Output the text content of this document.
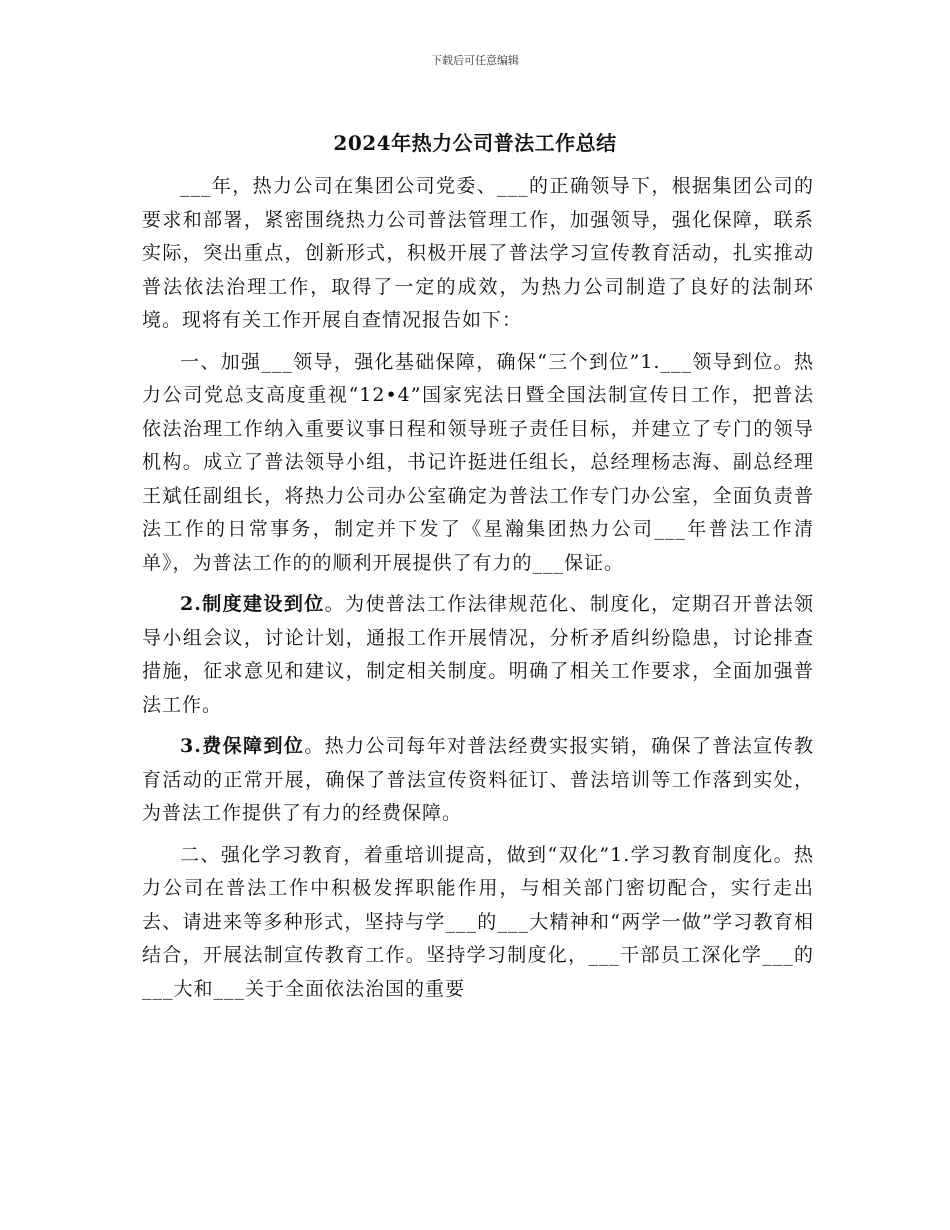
下载后可任意编辑
2024年热力公司普法工作总结

___年，热力公司在集团公司党委、___的正确领导下，根据集团公司的要求和部署，紧密围绕热力公司普法管理工作，加强领导，强化保障，联系实际，突出重点，创新形式，积极开展了普法学习宣传教育活动，扎实推动普法依法治理工作，取得了一定的成效，为热力公司制造了良好的法制环境。现将有关工作开展自查情况报告如下：

一、加强___领导，强化基础保障，确保“三个到位”1.___领导到位。热力公司党总支高度重视“12•4”国家宪法日暨全国法制宣传日工作，把普法依法治理工作纳入重要议事日程和领导班子责任目标，并建立了专门的领导机构。成立了普法领导小组，书记许挺进任组长，总经理杨志海、副总经理王斌任副组长，将热力公司办公室确定为普法工作专门办公室，全面负责普法工作的日常事务，制定并下发了《星瀚集团热力公司___年普法工作清单》，为普法工作的的顺利开展提供了有力的___保证。

2.制度建设到位。为使普法工作法律规范化、制度化，定期召开普法领导小组会议，讨论计划，通报工作开展情况，分析矛盾纠纷隐患，讨论排查措施，征求意见和建议，制定相关制度。明确了相关工作要求，全面加强普法工作。

3.费保障到位。热力公司每年对普法经费实报实销，确保了普法宣传教育活动的正常开展，确保了普法宣传资料征订、普法培训等工作落到实处，为普法工作提供了有力的经费保障。

二、强化学习教育，着重培训提高，做到“双化”1.学习教育制度化。热力公司在普法工作中积极发挥职能作用，与相关部门密切配合，实行走出去、请进来等多种形式，坚持与学___的___大精神和“两学一做”学习教育相结合，开展法制宣传教育工作。坚持学习制度化，___干部员工深化学___的___大和___关于全面依法治国的重要
